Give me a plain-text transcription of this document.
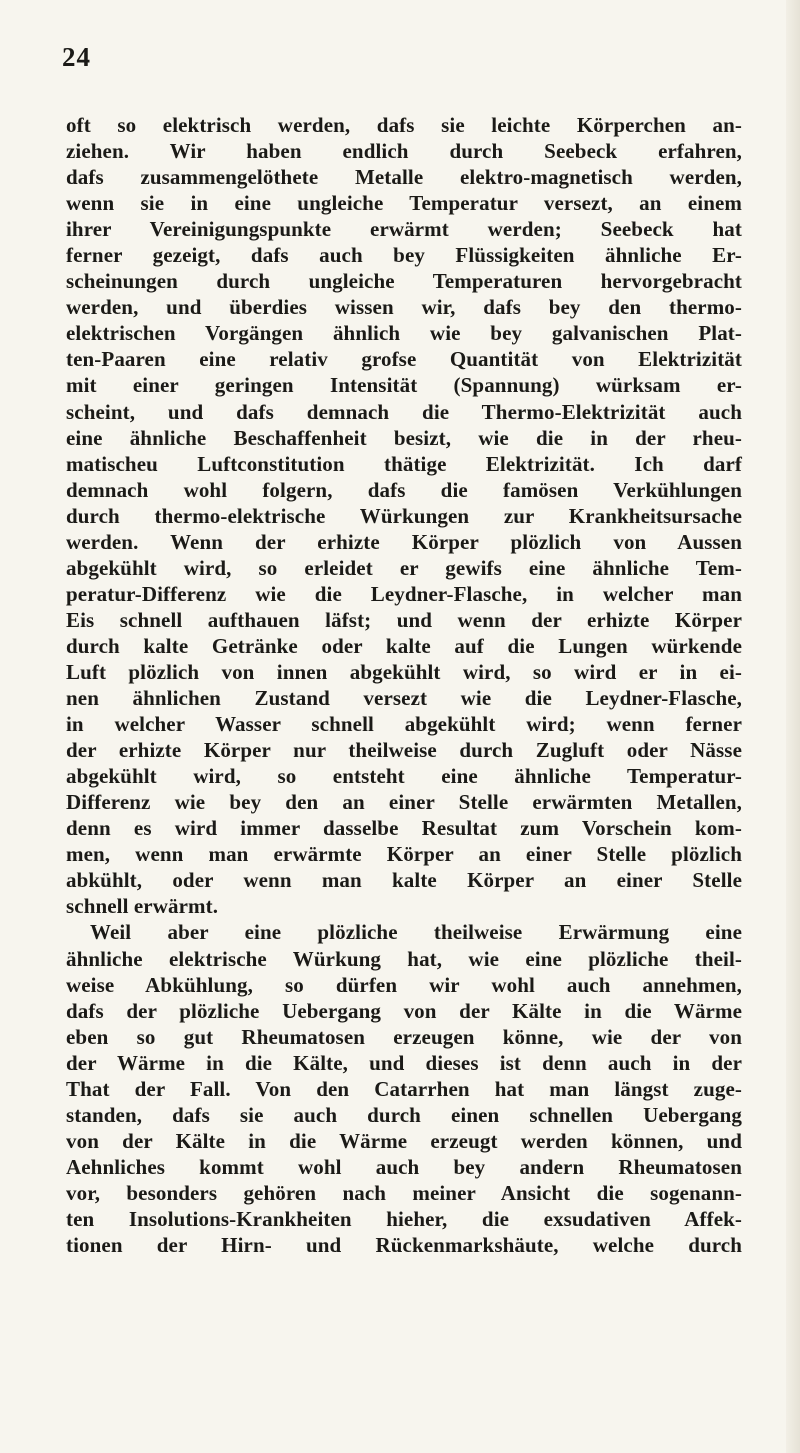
24
oft so elektrisch werden, dafs sie leichte Körperchen an-
ziehen. Wir haben endlich durch Seebeck erfahren,
dafs zusammengelöthete Metalle elektro-magnetisch werden,
wenn sie in eine ungleiche Temperatur versezt, an einem
ihrer Vereinigungspunkte erwärmt werden; Seebeck hat
ferner gezeigt, dafs auch bey Flüssigkeiten ähnliche Er-
scheinungen durch ungleiche Temperaturen hervorgebracht
werden, und überdies wissen wir, dafs bey den thermo-
elektrischen Vorgängen ähnlich wie bey galvanischen Plat-
ten-Paaren eine relativ grofse Quantität von Elektrizität
mit einer geringen Intensität (Spannung) würksam er-
scheint, und dafs demnach die Thermo-Elektrizität auch
eine ähnliche Beschaffenheit besizt, wie die in der rheu-
matischeu Luftconstitution thätige Elektrizität. Ich darf
demnach wohl folgern, dafs die famösen Verkühlungen
durch thermo-elektrische Würkungen zur Krankheitsursache
werden. Wenn der erhizte Körper plözlich von Aussen
abgekühlt wird, so erleidet er gewifs eine ähnliche Tem-
peratur-Differenz wie die Leydner-Flasche, in welcher man
Eis schnell aufthauen läfst; und wenn der erhizte Körper
durch kalte Getränke oder kalte auf die Lungen würkende
Luft plözlich von innen abgekühlt wird, so wird er in ei-
nen ähnlichen Zustand versezt wie die Leydner-Flasche,
in welcher Wasser schnell abgekühlt wird; wenn ferner
der erhizte Körper nur theilweise durch Zugluft oder Nässe
abgekühlt wird, so entsteht eine ähnliche Temperatur-
Differenz wie bey den an einer Stelle erwärmten Metallen,
denn es wird immer dasselbe Resultat zum Vorschein kom-
men, wenn man erwärmte Körper an einer Stelle plözlich
abkühlt, oder wenn man kalte Körper an einer Stelle
schnell erwärmt.
Weil aber eine plözliche theilweise Erwärmung eine
ähnliche elektrische Würkung hat, wie eine plözliche theil-
weise Abkühlung, so dürfen wir wohl auch annehmen,
dafs der plözliche Uebergang von der Kälte in die Wärme
eben so gut Rheumatosen erzeugen könne, wie der von
der Wärme in die Kälte, und dieses ist denn auch in der
That der Fall. Von den Catarrhen hat man längst zuge-
standen, dafs sie auch durch einen schnellen Uebergang
von der Kälte in die Wärme erzeugt werden können, und
Aehnliches kommt wohl auch bey andern Rheumatosen
vor, besonders gehören nach meiner Ansicht die sogenann-
ten Insolutions-Krankheiten hieher, die exsudativen Affek-
tionen der Hirn- und Rückenmarkshäute, welche durch
